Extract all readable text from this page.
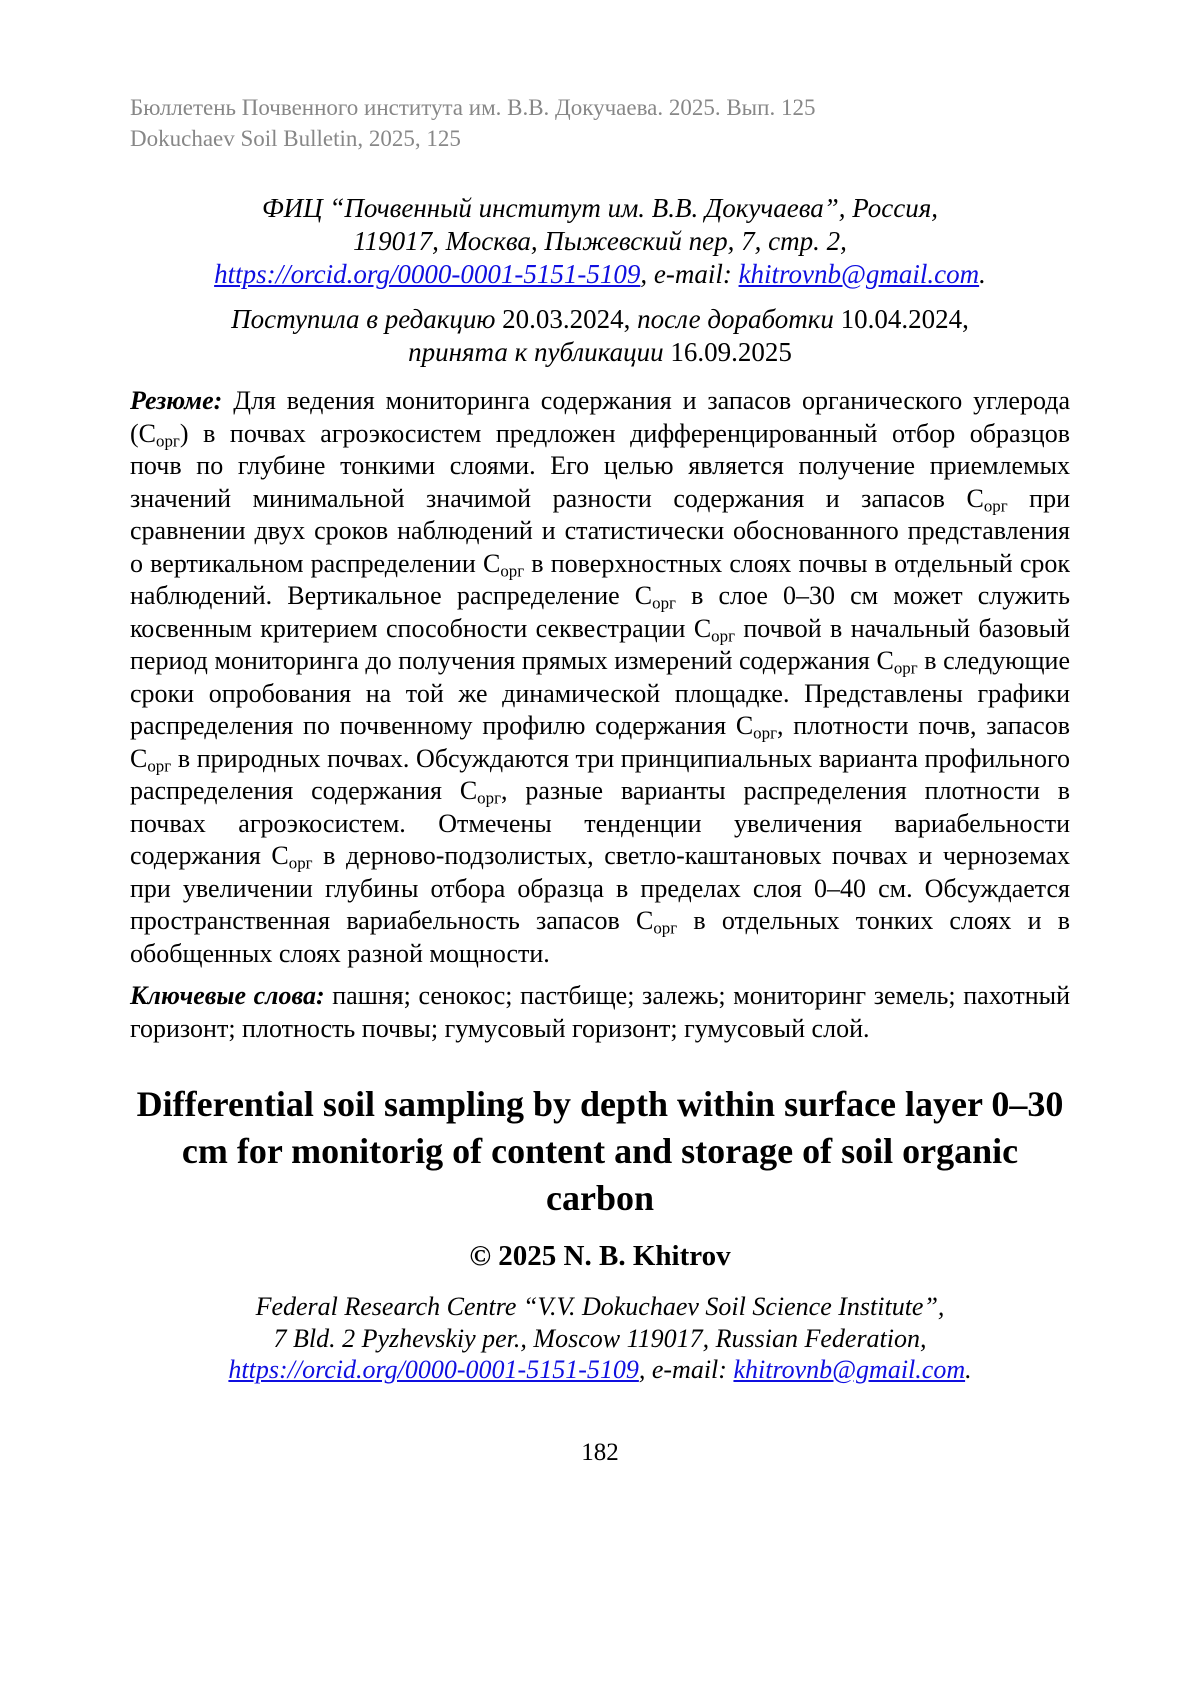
Бюллетень Почвенного института им. В.В. Докучаева. 2025. Вып. 125
Dokuchaev Soil Bulletin, 2025, 125
ФИЦ “Почвенный институт им. В.В. Докучаева”, Россия,
119017, Москва, Пыжевский пер, 7, стр. 2,
https://orcid.org/0000-0001-5151-5109, e-mail: khitrovnb@gmail.com.
Поступила в редакцию 20.03.2024, после доработки 10.04.2024,
принята к публикации 16.09.2025

Резюме: Для ведения мониторинга содержания и запасов органического углерода (Сорг) в почвах агроэкосистем предложен дифференцированный отбор образцов почв по глубине тонкими слоями. Его целью является получение приемлемых значений минимальной значимой разности содержания и запасов Сорг при сравнении двух сроков наблюдений и статистически обоснованного представления о вертикальном распределении Сорг в поверхностных слоях почвы в отдельный срок наблюдений. Вертикальное распределение Сорг в слое 0–30 см может служить косвенным критерием способности секвестрации Сорг почвой в начальный базовый период мониторинга до получения прямых измерений содержания Сорг в следующие сроки опробования на той же динамической площадке. Представлены графики распределения по почвенному профилю содержания Сорг, плотности почв, запасов Сорг в природных почвах. Обсуждаются три принципиальных варианта профильного распределения содержания Сорг, разные варианты распределения плотности в почвах агроэкосистем. Отмечены тенденции увеличения вариабельности содержания Сорг в дерново-подзолистых, светло-каштановых почвах и черноземах при увеличении глубины отбора образца в пределах слоя 0–40 см. Обсуждается пространственная вариабельность запасов Сорг в отдельных тонких слоях и в обобщенных слоях разной мощности.

Ключевые слова: пашня; сенокос; пастбище; залежь; мониторинг земель; пахотный горизонт; плотность почвы; гумусовый горизонт; гумусовый слой.

Differential soil sampling by depth within surface layer 0–30 cm for monitorig of content and storage of soil organic carbon
© 2025 N. B. Khitrov
Federal Research Centre “V.V. Dokuchaev Soil Science Institute”,
7 Bld. 2 Pyzhevskiy per., Moscow 119017, Russian Federation,
https://orcid.org/0000-0001-5151-5109, e-mail: khitrovnb@gmail.com.
182
